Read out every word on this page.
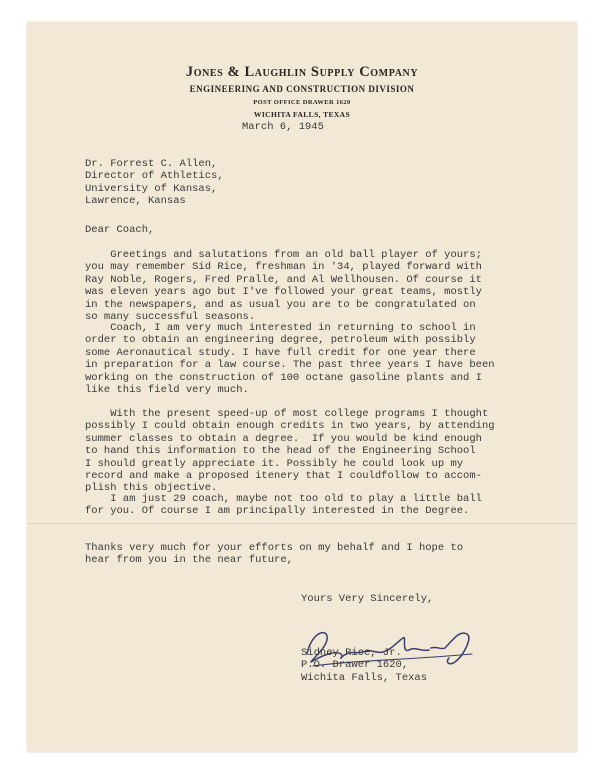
Jones & Laughlin Supply Company
ENGINEERING AND CONSTRUCTION DIVISION
POST OFFICE DRAWER 1620
WICHITA FALLS, TEXAS
March 6, 1945
Dr. Forrest C. Allen,
Director of Athletics,
University of Kansas,
Lawrence, Kansas
Dear Coach,
Greetings and salutations from an old ball player of yours;
you may remember Sid Rice, freshman in '34, played forward with
Ray Noble, Rogers, Fred Pralle, and Al Wellhousen. Of course it
was eleven years ago but I've followed your great teams, mostly
in the newspapers, and as usual you are to be congratulated on
so many successful seasons.
Coach, I am very much interested in returning to school in
order to obtain an engineering degree, petroleum with possibly
some Aeronautical study. I have full credit for one year there
in preparation for a law course. The past three years I have been
working on the construction of 100 octane gasoline plants and I
like this field very much.
With the present speed-up of most college programs I thought
possibly I could obtain enough credits in two years, by attending
summer classes to obtain a degree.  If you would be kind enough
to hand this information to the head of the Engineering School
I should greatly appreciate it. Possibly he could look up my
record and make a proposed itenery that I couldfollow to accom-
plish this objective.
I am just 29 coach, maybe not too old to play a little ball
for you. Of course I am principally interested in the Degree.
Thanks very much for your efforts on my behalf and I hope to
hear from you in the near future,
Yours Very Sincerely,
Sidney Rice, Jr.
P.O. Drawer 1620,
Wichita Falls, Texas
